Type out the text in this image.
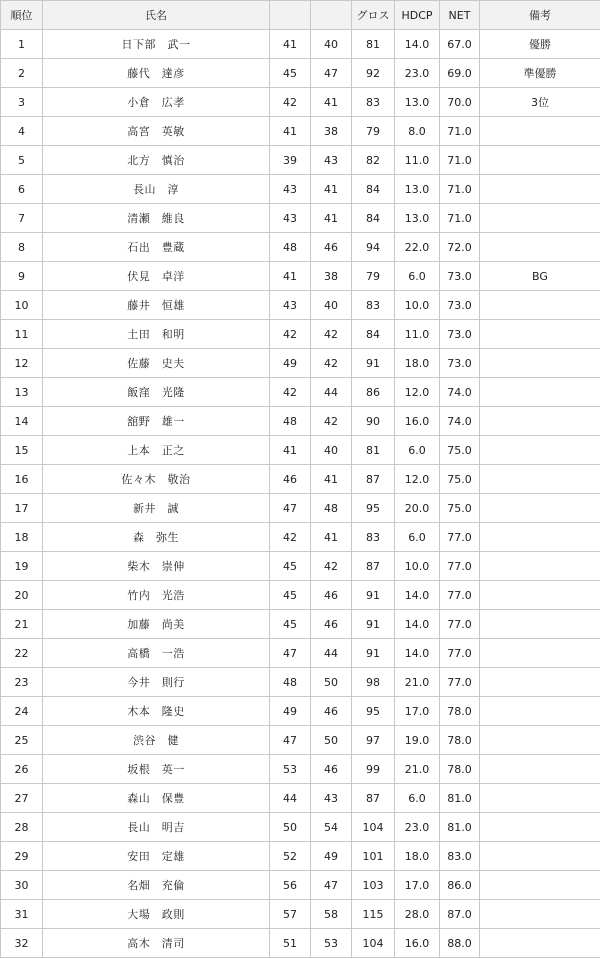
順位	氏名			グロス	HDCP	NET	備考
1	日下部　武一	41	40	81	14.0	67.0	優勝
2	藤代　達彦	45	47	92	23.0	69.0	準優勝
3	小倉　広孝	42	41	83	13.0	70.0	3位
4	高宮　英敏	41	38	79	8.0	71.0	
5	北方　慎治	39	43	82	11.0	71.0	
6	長山　淳	43	41	84	13.0	71.0	
7	清瀬　維良	43	41	84	13.0	71.0	
8	石出　豊蔵	48	46	94	22.0	72.0	
9	伏見　卓洋	41	38	79	6.0	73.0	BG
10	藤井　恒雄	43	40	83	10.0	73.0	
11	土田　和明	42	42	84	11.0	73.0	
12	佐藤　史夫	49	42	91	18.0	73.0	
13	飯窪　光隆	42	44	86	12.0	74.0	
14	舘野　雄一	48	42	90	16.0	74.0	
15	上本　正之	41	40	81	6.0	75.0	
16	佐々木　敬治	46	41	87	12.0	75.0	
17	新井　誠	47	48	95	20.0	75.0	
18	森　弥生	42	41	83	6.0	77.0	
19	柴木　崇伸	45	42	87	10.0	77.0	
20	竹内　光浩	45	46	91	14.0	77.0	
21	加藤　尚美	45	46	91	14.0	77.0	
22	高橋　一浩	47	44	91	14.0	77.0	
23	今井　則行	48	50	98	21.0	77.0	
24	木本　隆史	49	46	95	17.0	78.0	
25	渋谷　健	47	50	97	19.0	78.0	
26	坂根　英一	53	46	99	21.0	78.0	
27	森山　保豊	44	43	87	6.0	81.0	
28	長山　明吉	50	54	104	23.0	81.0	
29	安田　定雄	52	49	101	18.0	83.0	
30	名畑　充倫	56	47	103	17.0	86.0	
31	大場　政則	57	58	115	28.0	87.0	
32	高木　清司	51	53	104	16.0	88.0	
